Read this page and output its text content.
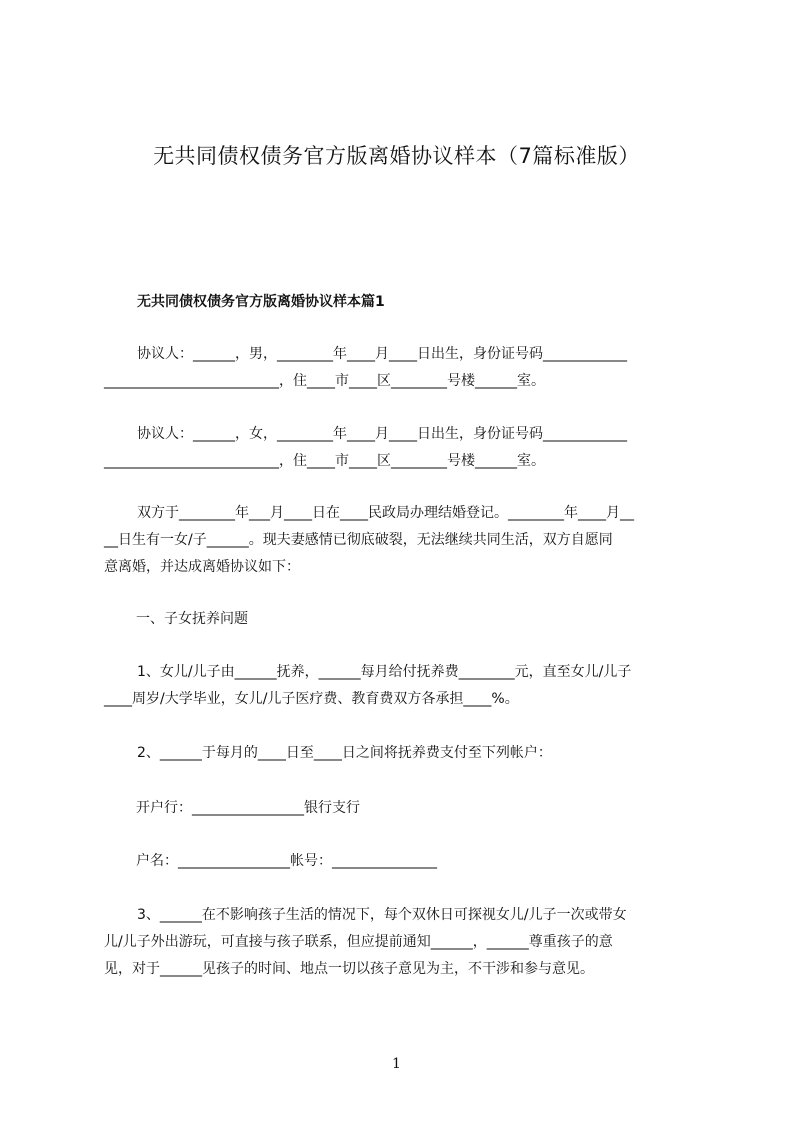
无共同债权债务官方版离婚协议样本（7篇标准版）
无共同债权债务官方版离婚协议样本篇1
协议人：______，男，________年____月____日出生，身份证号码____________
_________________________，住____市____区________号楼______室。
协议人：______，女，________年____月____日出生，身份证号码____________
_________________________，住____市____区________号楼______室。
双方于________年___月____日在____民政局办理结婚登记。________年____月__
__日生有一女/子______。现夫妻感情已彻底破裂，无法继续共同生活，双方自愿同
意离婚，并达成离婚协议如下：
一、子女抚养问题
1、女儿/儿子由______抚养，______每月给付抚养费________元，直至女儿/儿子
____周岁/大学毕业，女儿/儿子医疗费、教育费双方各承担____%。
2、______于每月的____日至____日之间将抚养费支付至下列帐户：
开户行：________________银行支行
户名：________________帐号：_______________
3、______在不影响孩子生活的情况下，每个双休日可探视女儿/儿子一次或带女
儿/儿子外出游玩，可直接与孩子联系，但应提前通知______，______尊重孩子的意
见，对于______见孩子的时间、地点一切以孩子意见为主，不干涉和参与意见。
1
